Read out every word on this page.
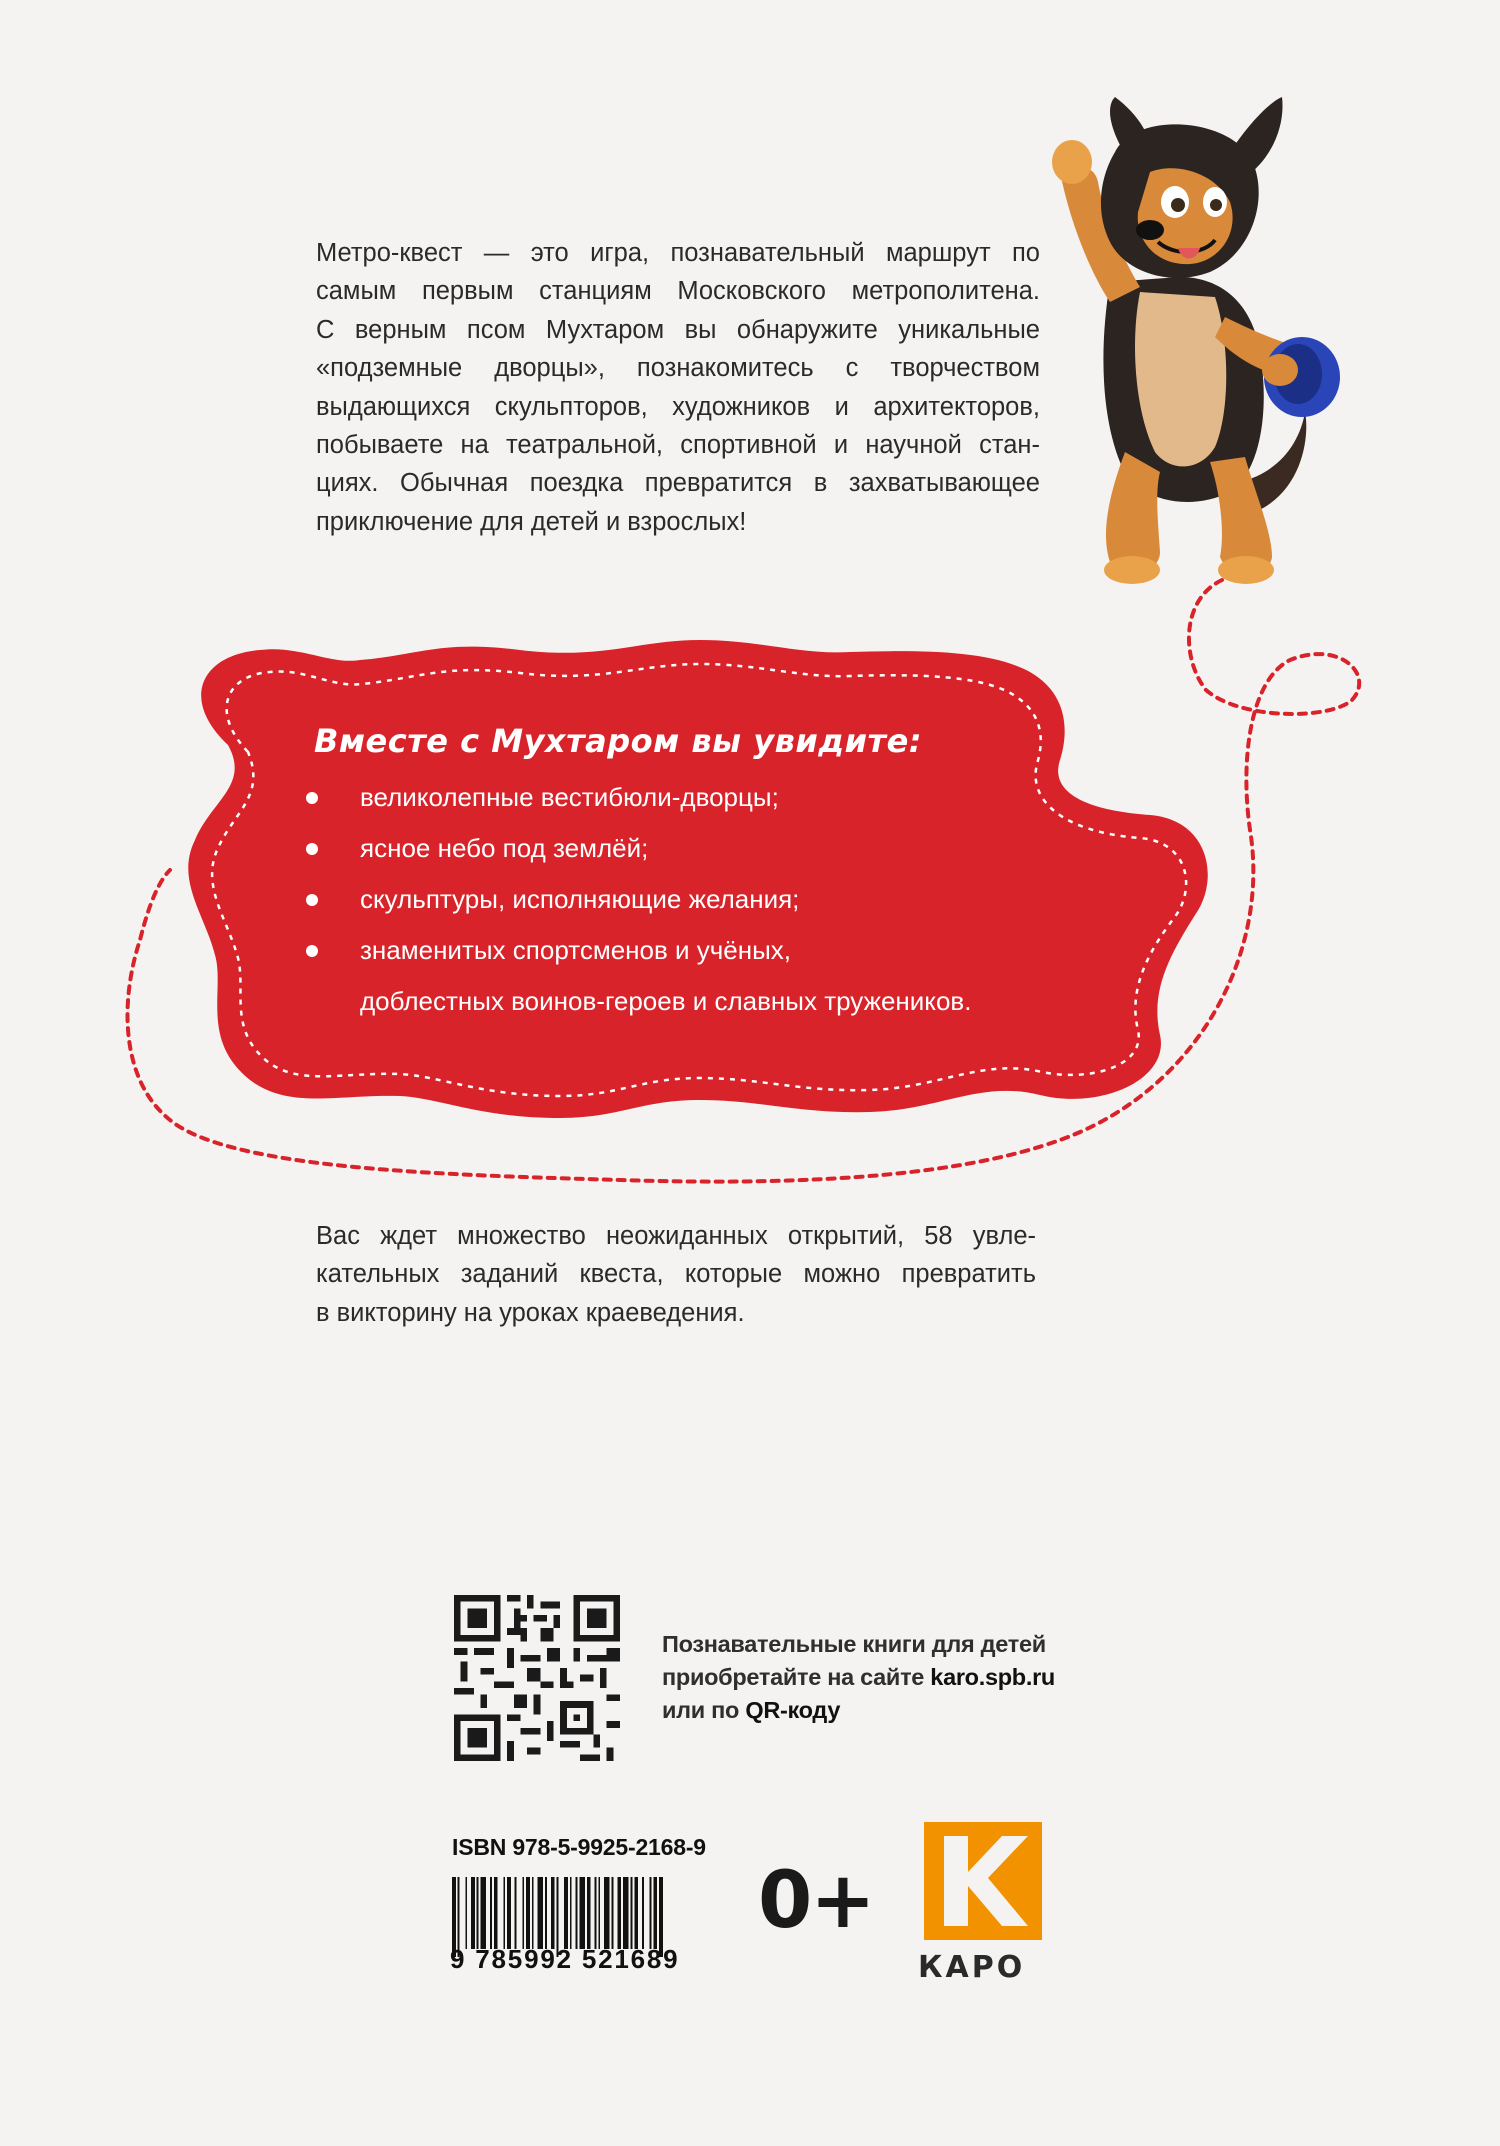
Метро-квест — это игра, познавательный маршрут по
самым первым станциям Московского метрополитена.
С верным псом Мухтаром вы обнаружите уникальные
«подземные дворцы», познакомитесь с творчеством
выдающихся скульпторов, художников и архитекторов,
побываете на театральной, спортивной и научной стан-
циях. Обычная поездка превратится в захватывающее
приключение для детей и взрослых!

Вместе с Мухтаром вы увидите:
великолепные вестибюли-дворцы;
ясное небо под землёй;
скульптуры, исполняющие желания;
знаменитых спортсменов и учёных,
доблестных воинов-героев и славных тружеников.

Вас ждет множество неожиданных открытий, 58 увле-
кательных заданий квеста, которые можно превратить
в викторину на уроках краеведения.

Познавательные книги для детей
приобретайте на сайте karo.spb.ru
или по QR-коду
ISBN 978-5-9925-2168-9
9 785992 521689
0+
КАРО
